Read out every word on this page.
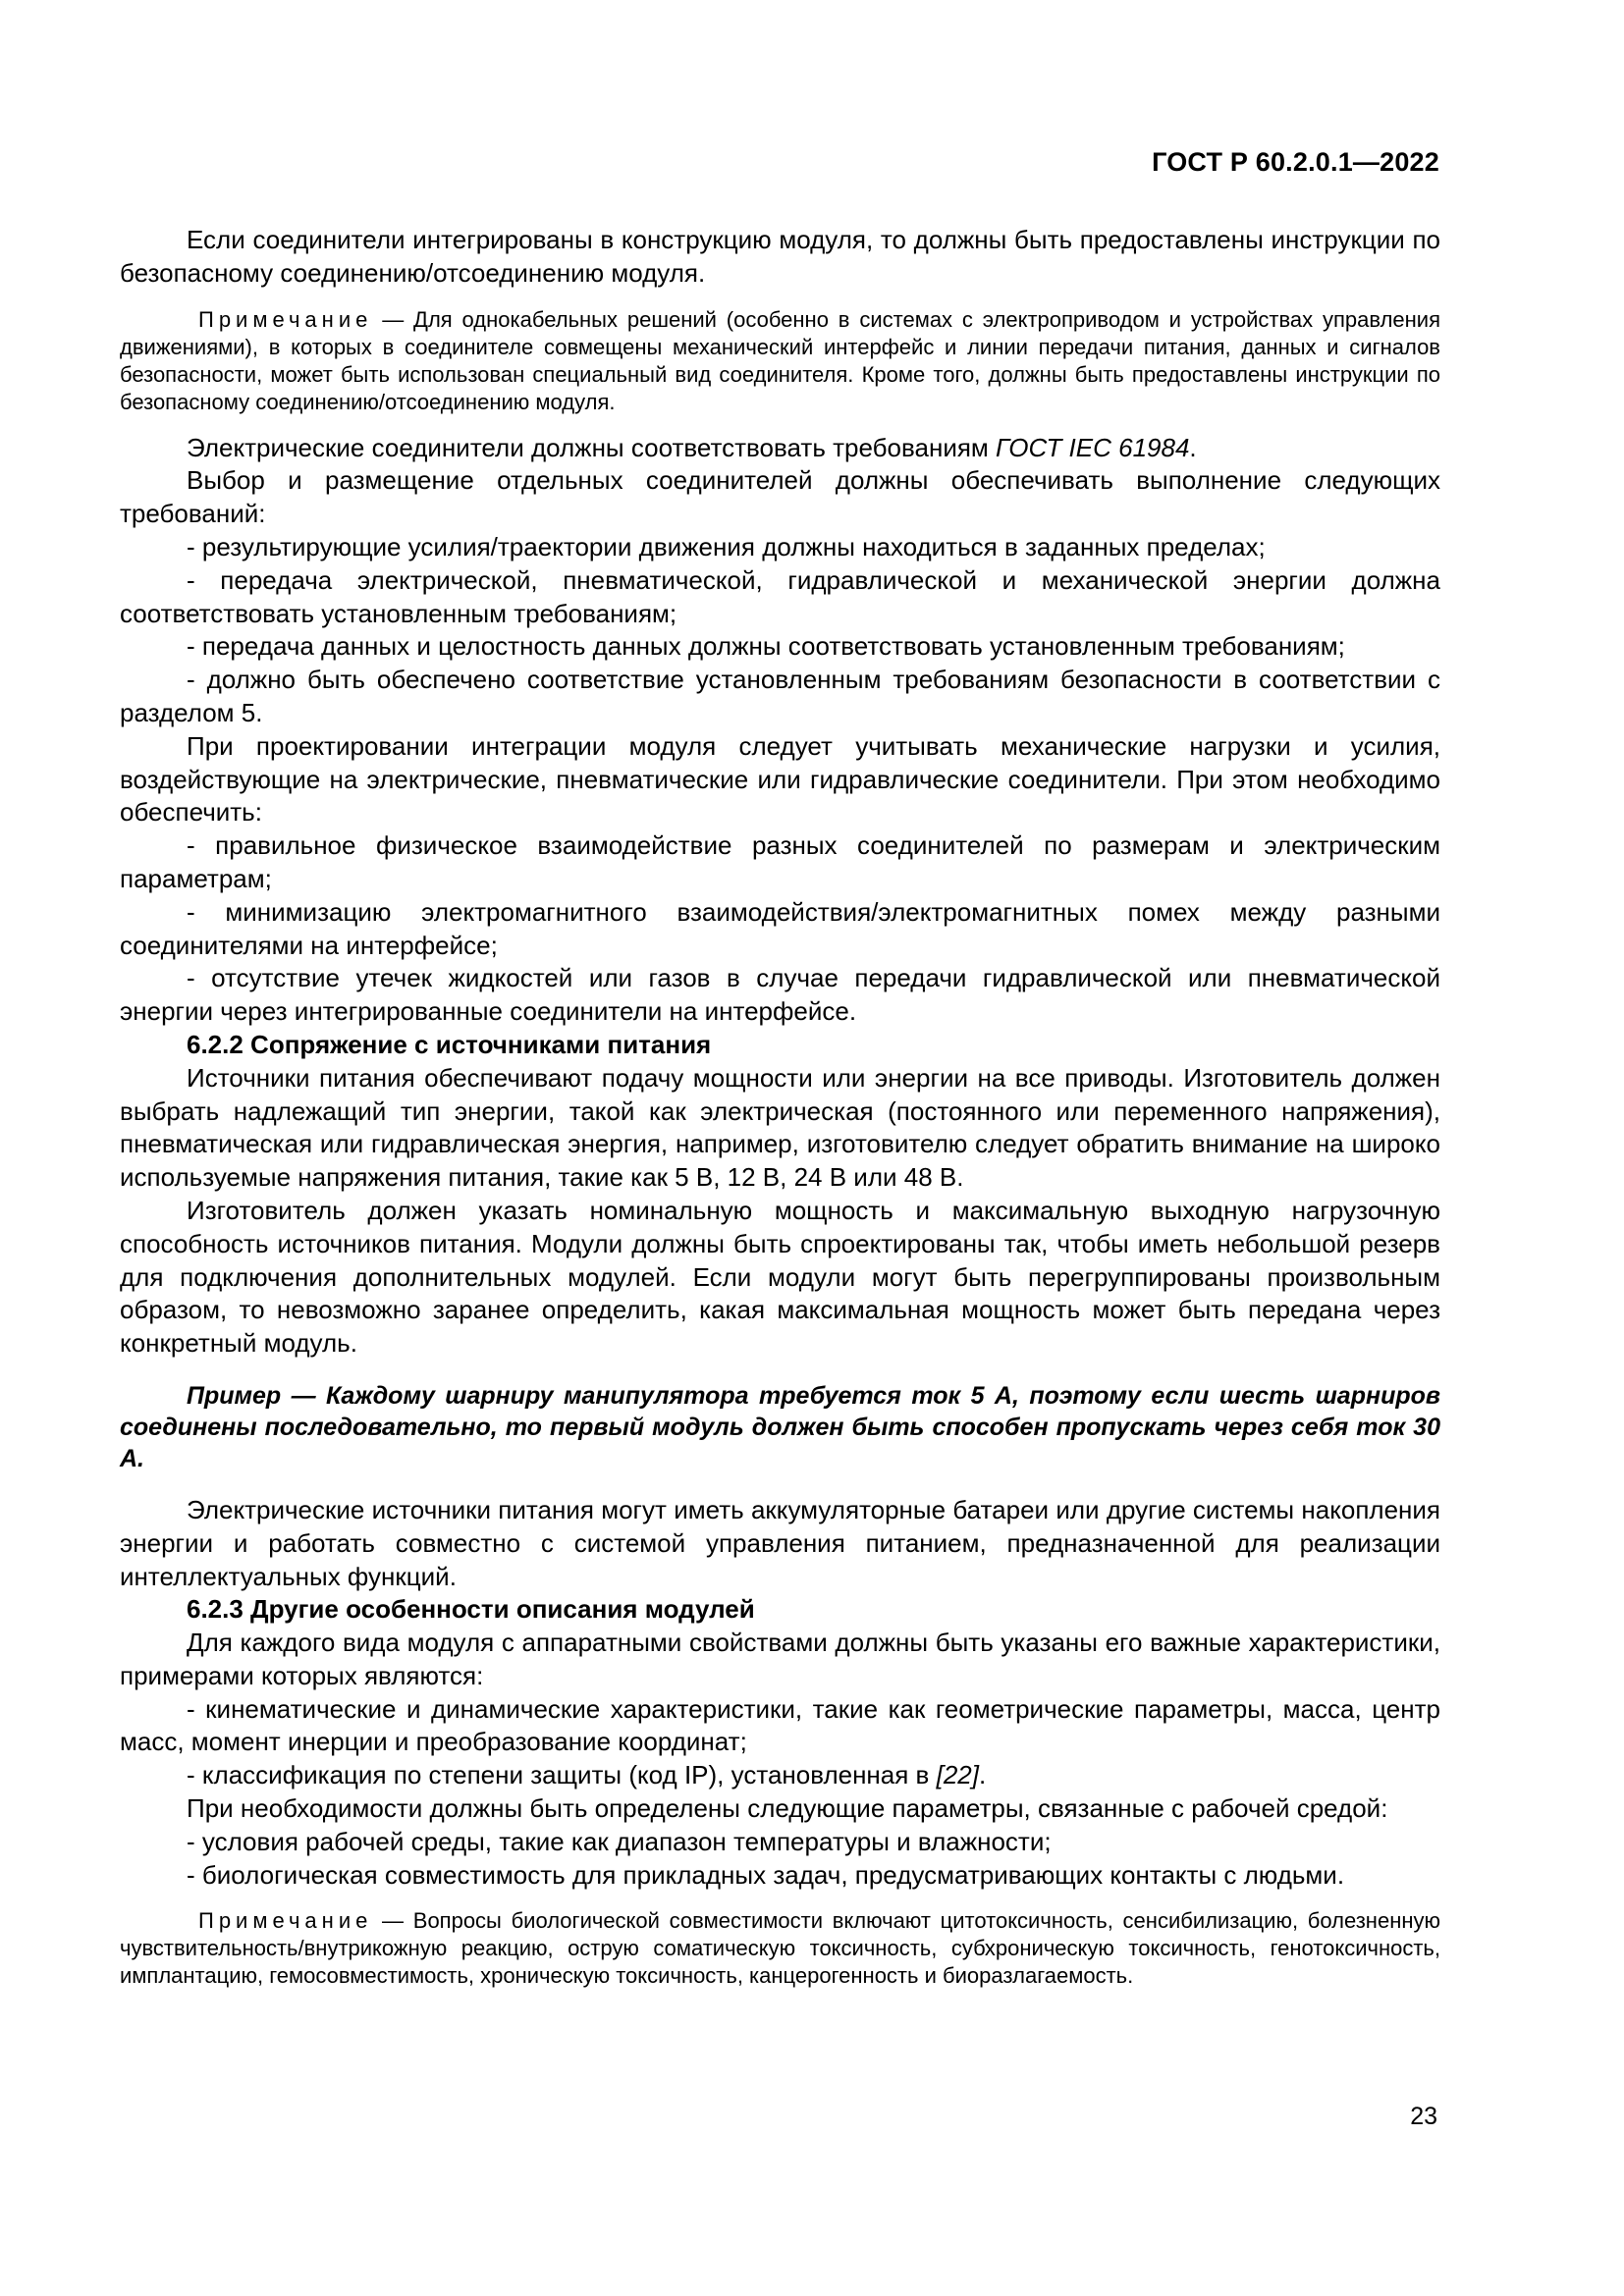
ГОСТ Р 60.2.0.1—2022

Если соединители интегрированы в конструкцию модуля, то должны быть предоставлены инструкции по безопасному соединению/отсоединению модуля.

Примечание — Для однокабельных решений (особенно в системах с электроприводом и устройствах управления движениями), в которых в соединителе совмещены механический интерфейс и линии передачи питания, данных и сигналов безопасности, может быть использован специальный вид соединителя. Кроме того, должны быть предоставлены инструкции по безопасному соединению/отсоединению модуля.

Электрические соединители должны соответствовать требованиям ГОСТ IEC 61984.

Выбор и размещение отдельных соединителей должны обеспечивать выполнение следующих требований:

- результирующие усилия/траектории движения должны находиться в заданных пределах;

- передача электрической, пневматической, гидравлической и механической энергии должна соответствовать установленным требованиям;

- передача данных и целостность данных должны соответствовать установленным требованиям;

- должно быть обеспечено соответствие установленным требованиям безопасности в соответствии с разделом 5.

При проектировании интеграции модуля следует учитывать механические нагрузки и усилия, воздействующие на электрические, пневматические или гидравлические соединители. При этом необходимо обеспечить:

- правильное физическое взаимодействие разных соединителей по размерам и электрическим параметрам;

- минимизацию электромагнитного взаимодействия/электромагнитных помех между разными соединителями на интерфейсе;

- отсутствие утечек жидкостей или газов в случае передачи гидравлической или пневматической энергии через интегрированные соединители на интерфейсе.

6.2.2 Сопряжение с источниками питания

Источники питания обеспечивают подачу мощности или энергии на все приводы. Изготовитель должен выбрать надлежащий тип энергии, такой как электрическая (постоянного или переменного напряжения), пневматическая или гидравлическая энергия, например, изготовителю следует обратить внимание на широко используемые напряжения питания, такие как 5 В, 12 В, 24 В или 48 В.

Изготовитель должен указать номинальную мощность и максимальную выходную нагрузочную способность источников питания. Модули должны быть спроектированы так, чтобы иметь небольшой резерв для подключения дополнительных модулей. Если модули могут быть перегруппированы произвольным образом, то невозможно заранее определить, какая максимальная мощность может быть передана через конкретный модуль.

Пример — Каждому шарниру манипулятора требуется ток 5 А, поэтому если шесть шарниров соединены последовательно, то первый модуль должен быть способен пропускать через себя ток 30 А.

Электрические источники питания могут иметь аккумуляторные батареи или другие системы накопления энергии и работать совместно с системой управления питанием, предназначенной для реализации интеллектуальных функций.

6.2.3 Другие особенности описания модулей

Для каждого вида модуля с аппаратными свойствами должны быть указаны его важные характеристики, примерами которых являются:

- кинематические и динамические характеристики, такие как геометрические параметры, масса, центр масс, момент инерции и преобразование координат;

- классификация по степени защиты (код IP), установленная в [22].

При необходимости должны быть определены следующие параметры, связанные с рабочей средой:

- условия рабочей среды, такие как диапазон температуры и влажности;

- биологическая совместимость для прикладных задач, предусматривающих контакты с людьми.

Примечание — Вопросы биологической совместимости включают цитотоксичность, сенсибилизацию, болезненную чувствительность/внутрикожную реакцию, острую соматическую токсичность, субхроническую токсичность, генотоксичность, имплантацию, гемосовместимость, хроническую токсичность, канцерогенность и биоразлагаемость.

23
